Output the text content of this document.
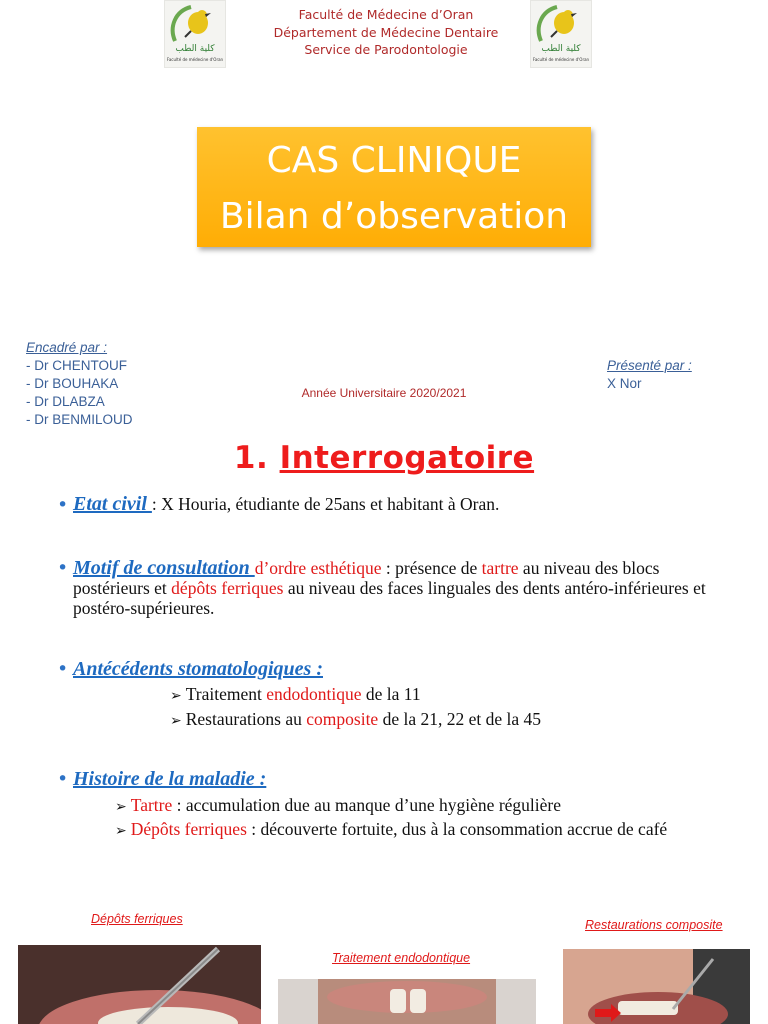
كلية الطب
Faculté de médecine d'Oran
كلية الطب
Faculté de médecine d'Oran
Faculté de Médecine d’Oran
Département de Médecine Dentaire
Service de Parodontologie
CAS CLINIQUE
Bilan d’observation
Encadré par :
- Dr CHENTOUF
- Dr BOUHAKA
- Dr DLABZA
- Dr BENMILOUD
Année Universitaire 2020/2021
Présenté par :
X Nor
1. Interrogatoire
• Etat civil : X Houria, étudiante de 25ans et habitant à Oran.
• Motif de consultation d’ordre esthétique : présence de tartre au niveau des blocs postérieurs et dépôts ferriques au niveau des faces linguales des dents antéro-inférieures et postéro-supérieures.
• Antécédents stomatologiques :
➢ Traitement endodontique de la 11
➢ Restaurations au composite de la 21, 22 et de la 45
• Histoire de la maladie :
➢ Tartre : accumulation due au manque d’une hygiène régulière
➢ Dépôts ferriques : découverte fortuite, dus à la consommation accrue de café
Dépôts ferriques
Traitement endodontique
Restaurations composite
